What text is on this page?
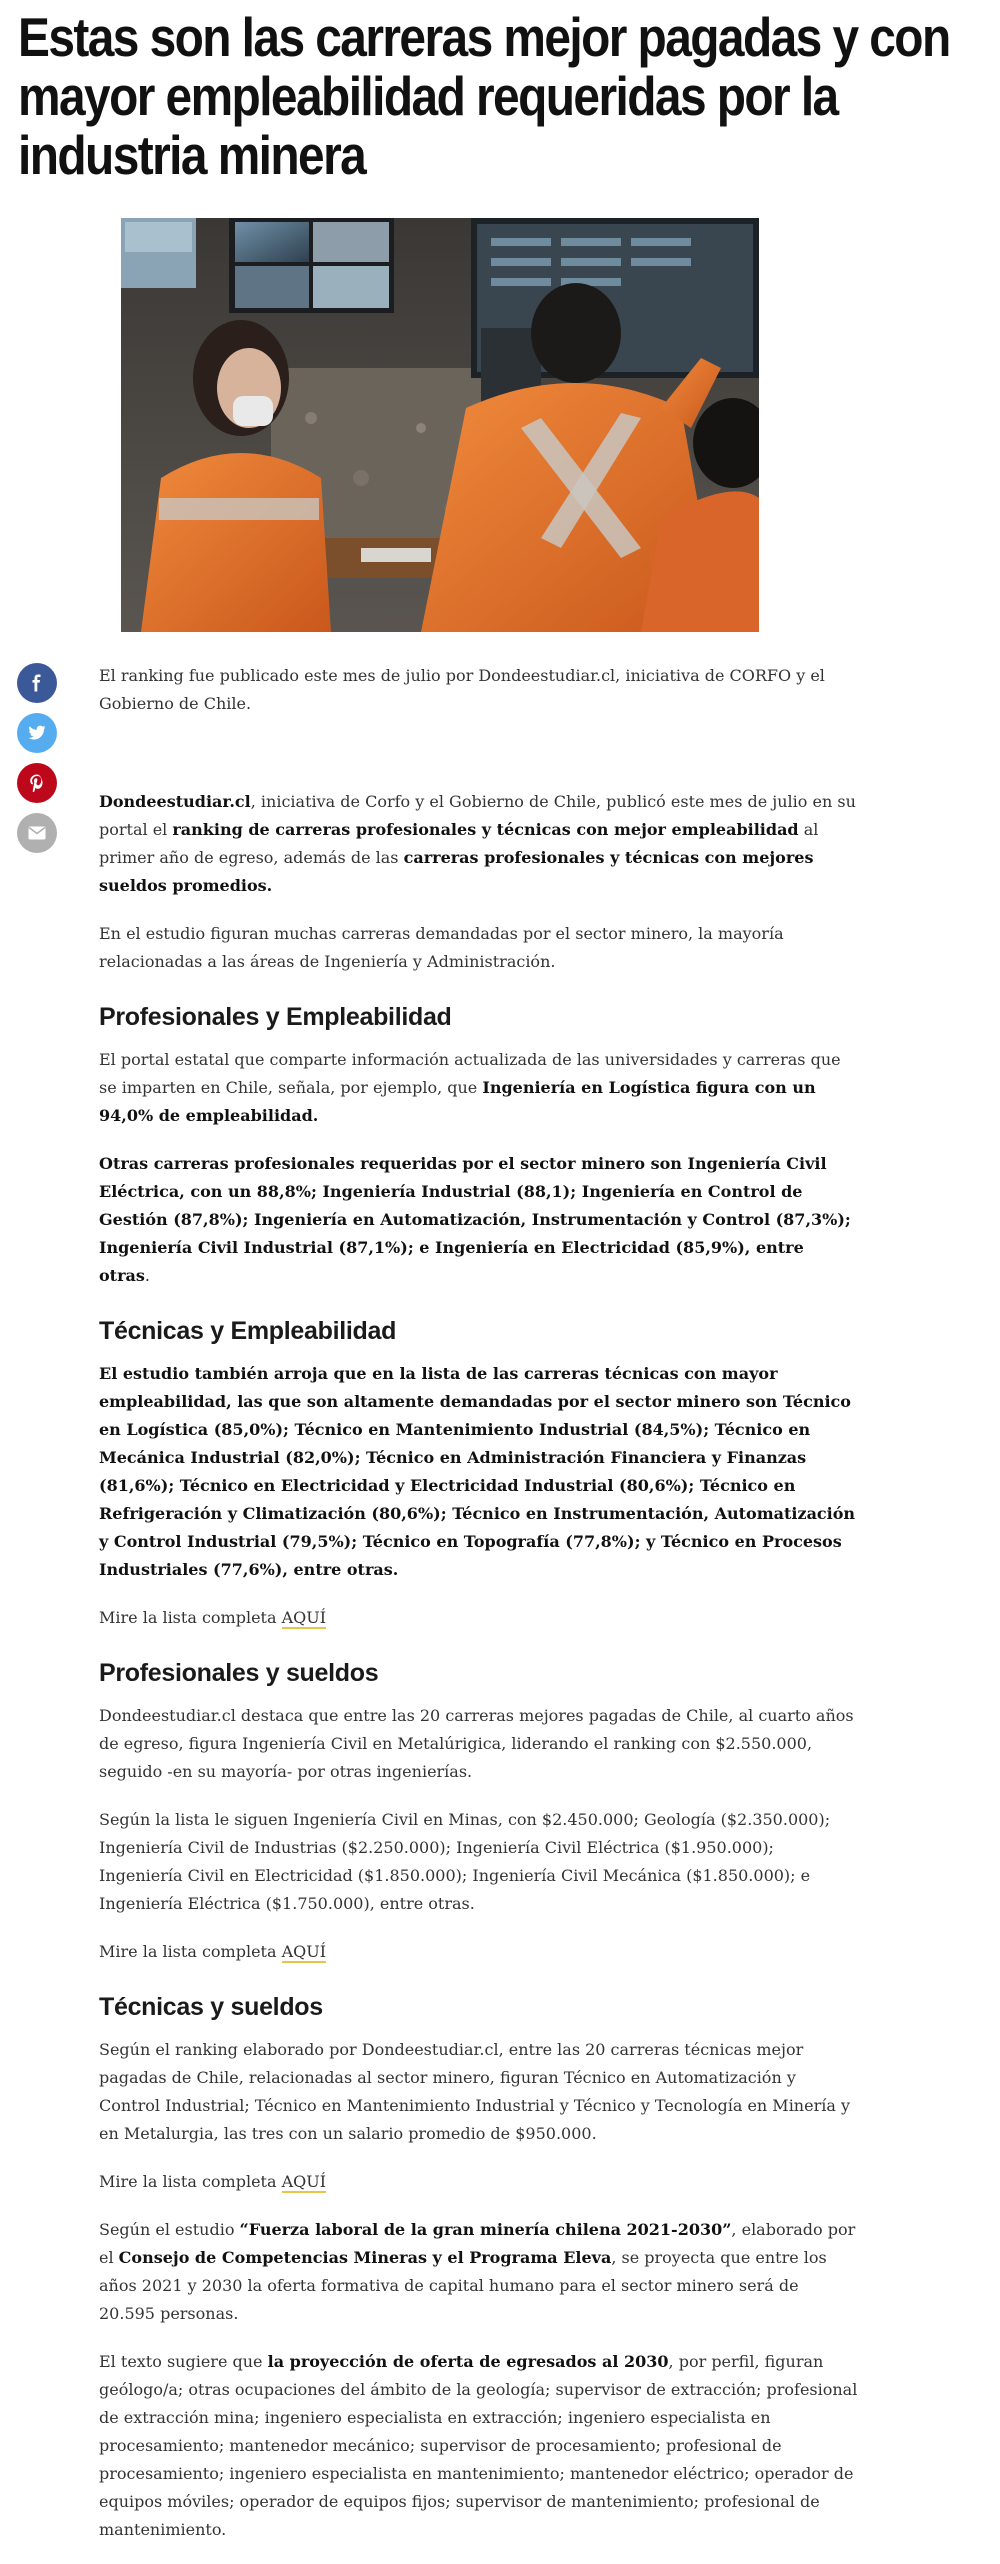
Estas son las carreras mejor pagadas y con mayor empleabilidad requeridas por la industria minera

El ranking fue publicado este mes de julio por Dondeestudiar.cl, iniciativa de CORFO y el Gobierno de Chile.

Dondeestudiar.cl, iniciativa de Corfo y el Gobierno de Chile, publicó este mes de julio en su portal el ranking de carreras profesionales y técnicas con mejor empleabilidad al primer año de egreso, además de las carreras profesionales y técnicas con mejores sueldos promedios.

En el estudio figuran muchas carreras demandadas por el sector minero, la mayoría relacionadas a las áreas de Ingeniería y Administración.

Profesionales y Empleabilidad

El portal estatal que comparte información actualizada de las universidades y carreras que se imparten en Chile, señala, por ejemplo, que Ingeniería en Logística figura con un 94,0% de empleabilidad.

Otras carreras profesionales requeridas por el sector minero son Ingeniería Civil Eléctrica, con un 88,8%; Ingeniería Industrial (88,1); Ingeniería en Control de Gestión (87,8%); Ingeniería en Automatización, Instrumentación y Control (87,3%); Ingeniería Civil Industrial (87,1%); e Ingeniería en Electricidad (85,9%), entre otras.

Técnicas y Empleabilidad

El estudio también arroja que en la lista de las carreras técnicas con mayor empleabilidad, las que son altamente demandadas por el sector minero son Técnico en Logística (85,0%); Técnico en Mantenimiento Industrial (84,5%); Técnico en Mecánica Industrial (82,0%); Técnico en Administración Financiera y Finanzas (81,6%); Técnico en Electricidad y Electricidad Industrial (80,6%); Técnico en Refrigeración y Climatización (80,6%); Técnico en Instrumentación, Automatización y Control Industrial (79,5%); Técnico en Topografía (77,8%); y Técnico en Procesos Industriales (77,6%), entre otras.

Mire la lista completa AQUÍ

Profesionales y sueldos

Dondeestudiar.cl destaca que entre las 20 carreras mejores pagadas de Chile, al cuarto años de egreso, figura Ingeniería Civil en Metalúrigica, liderando el ranking con $2.550.000, seguido -en su mayoría- por otras ingenierías.

Según la lista le siguen Ingeniería Civil en Minas, con $2.450.000; Geología ($2.350.000); Ingeniería Civil de Industrias ($2.250.000); Ingeniería Civil Eléctrica ($1.950.000); Ingeniería Civil en Electricidad ($1.850.000); Ingeniería Civil Mecánica ($1.850.000); e Ingeniería Eléctrica ($1.750.000), entre otras.

Mire la lista completa AQUÍ

Técnicas y sueldos

Según el ranking elaborado por Dondeestudiar.cl, entre las 20 carreras técnicas mejor pagadas de Chile, relacionadas al sector minero, figuran Técnico en Automatización y Control Industrial; Técnico en Mantenimiento Industrial y Técnico y Tecnología en Minería y en Metalurgia, las tres con un salario promedio de $950.000.

Mire la lista completa AQUÍ

Según el estudio “Fuerza laboral de la gran minería chilena 2021-2030”, elaborado por el Consejo de Competencias Mineras y el Programa Eleva, se proyecta que entre los años 2021 y 2030 la oferta formativa de capital humano para el sector minero será de 20.595 personas.

El texto sugiere que la proyección de oferta de egresados al 2030, por perfil, figuran geólogo/a; otras ocupaciones del ámbito de la geología; supervisor de extracción; profesional de extracción mina; ingeniero especialista en extracción; ingeniero especialista en procesamiento; mantenedor mecánico; supervisor de procesamiento; profesional de procesamiento; ingeniero especialista en mantenimiento; mantenedor eléctrico; operador de equipos móviles; operador de equipos fijos; supervisor de mantenimiento; profesional de mantenimiento.
